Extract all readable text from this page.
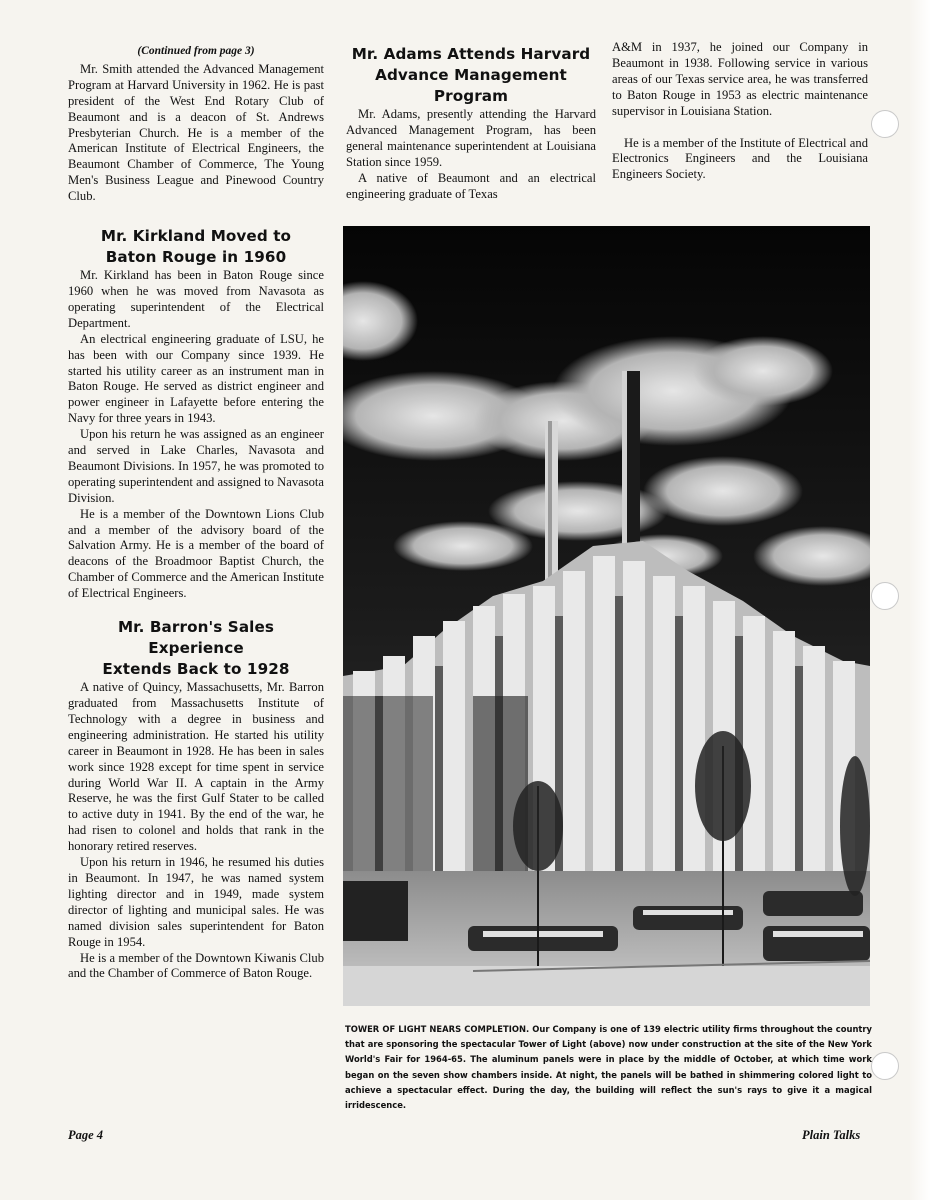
(Continued from page 3)

Mr. Smith attended the Advanced Management Program at Harvard University in 1962. He is past president of the West End Rotary Club of Beaumont and is a deacon of St. Andrews Presbyterian Church. He is a member of the American Institute of Electrical Engineers, the Beaumont Chamber of Commerce, The Young Men's Business League and Pinewood Country Club.

Mr. Kirkland Moved to
Baton Rouge in 1960

Mr. Kirkland has been in Baton Rouge since 1960 when he was moved from Navasota as operating superintendent of the Electrical Department.

An electrical engineering graduate of LSU, he has been with our Company since 1939. He started his utility career as an instrument man in Baton Rouge. He served as district engineer and power engineer in Lafayette before entering the Navy for three years in 1943.

Upon his return he was assigned as an engineer and served in Lake Charles, Navasota and Beaumont Divisions. In 1957, he was promoted to operating superintendent and assigned to Navasota Division.

He is a member of the Downtown Lions Club and a member of the advisory board of the Salvation Army. He is a member of the board of deacons of the Broadmoor Baptist Church, the Chamber of Commerce and the American Institute of Electrical Engineers.

Mr. Barron's Sales Experience
Extends Back to 1928

A native of Quincy, Massachusetts, Mr. Barron graduated from Massachusetts Institute of Technology with a degree in business and engineering administration. He started his utility career in Beaumont in 1928. He has been in sales work since 1928 except for time spent in service during World War II. A captain in the Army Reserve, he was the first Gulf Stater to be called to active duty in 1941. By the end of the war, he had risen to colonel and holds that rank in the honorary retired reserves.

Upon his return in 1946, he resumed his duties in Beaumont. In 1947, he was named system lighting director and in 1949, made system director of lighting and municipal sales. He was named division sales superintendent for Baton Rouge in 1954.

He is a member of the Downtown Kiwanis Club and the Chamber of Commerce of Baton Rouge.

Mr. Adams Attends Harvard
Advance Management Program

Mr. Adams, presently attending the Harvard Advanced Management Program, has been general maintenance superintendent at Louisiana Station since 1959.

A native of Beaumont and an electrical engineering graduate of Texas

A&M in 1937, he joined our Company in Beaumont in 1938. Following service in various areas of our Texas service area, he was transferred to Baton Rouge in 1953 as electric maintenance supervisor in Louisiana Station.

He is a member of the Institute of Electrical and Electronics Engineers and the Louisiana Engineers Society.

TOWER OF LIGHT NEARS COMPLETION. Our Company is one of 139 electric utility firms throughout the country that are sponsoring the spectacular Tower of Light (above) now under construction at the site of the New York World's Fair for 1964-65. The aluminum panels were in place by the middle of October, at which time work began on the seven show chambers inside. At night, the panels will be bathed in shimmering colored light to achieve a spectacular effect. During the day, the building will reflect the sun's rays to give it a magical irridescence.
Page 4	Plain Talks
